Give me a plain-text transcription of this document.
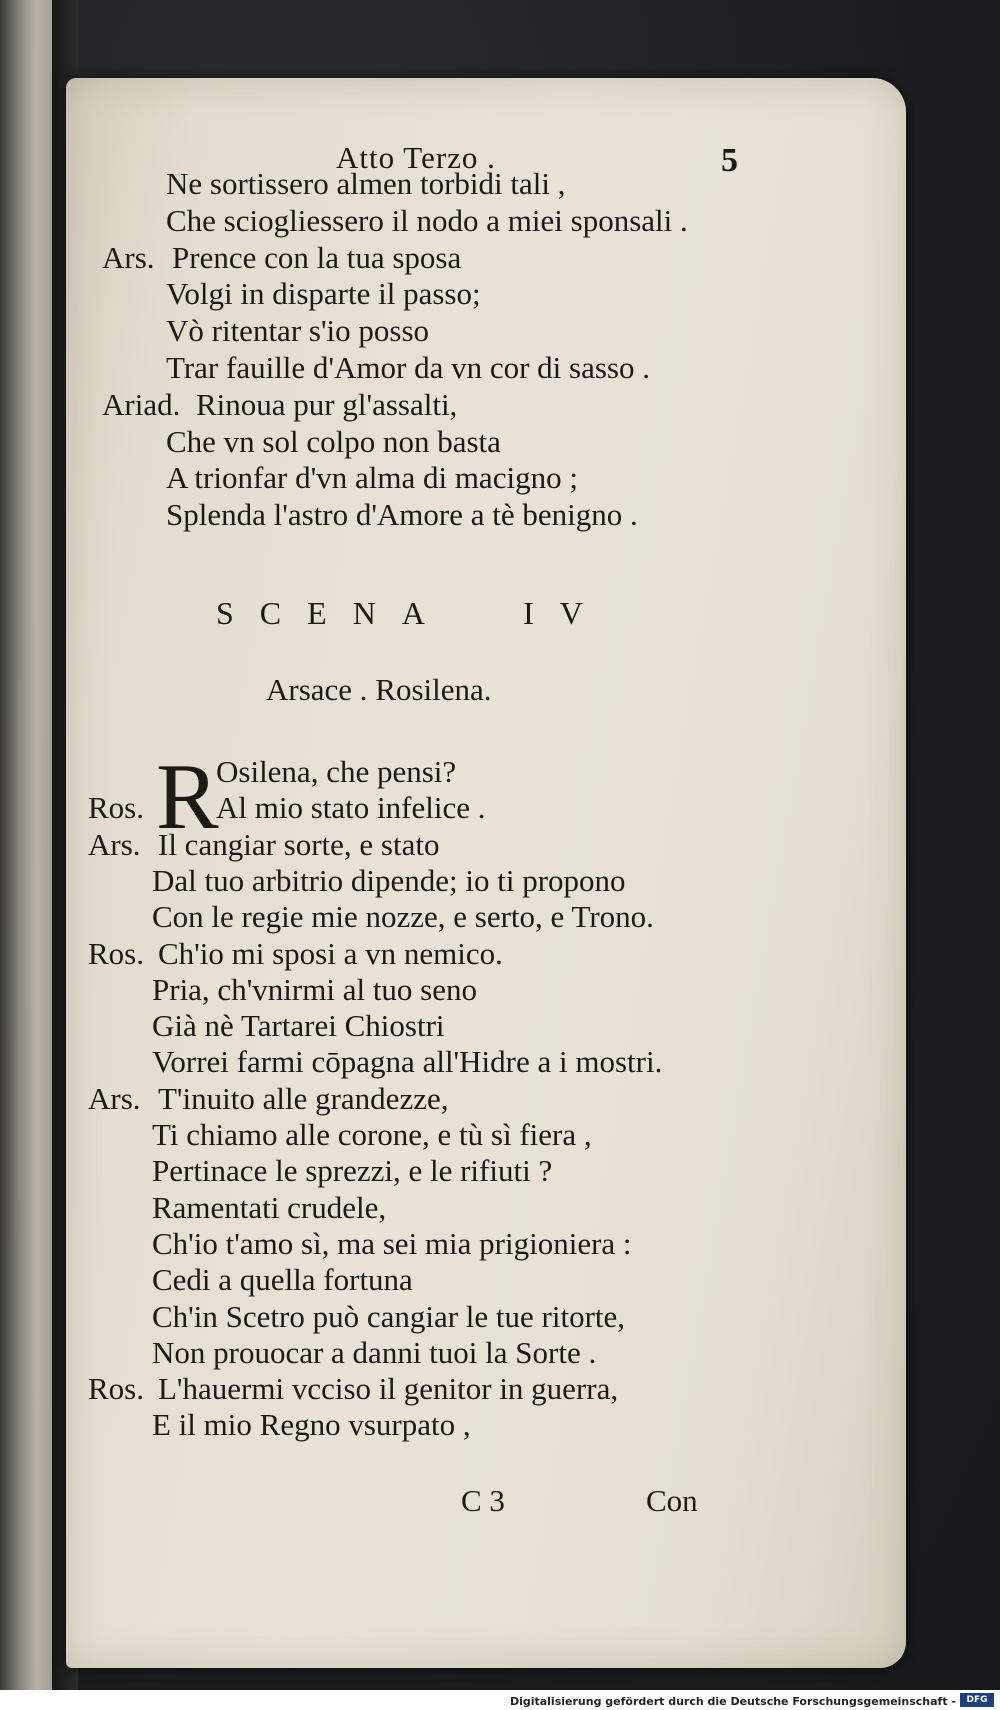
Atto Terzo .	5
Ne sortissero almen torbidi tali ,
Che sciogliessero il nodo a miei sponsali .
Ars. Prence con la tua sposa
Volgi in disparte il passo;
Vò ritentar s'io posso
Trar fauille d'Amor da vn cor di sasso .
Ariad. Rinoua pur gl'assalti,
Che vn sol colpo non basta
A trionfar d'vn alma di macigno ;
Splenda l'astro d'Amore a tè benigno .
SCENA IV
Arsace . Rosilena.
R
Osilena, che pensi?
Ros. Al mio stato infelice .
Ars. Il cangiar sorte, e stato
Dal tuo arbitrio dipende; io ti propono
Con le regie mie nozze, e serto, e Trono.
Ros. Ch'io mi sposi a vn nemico.
Pria, ch'vnirmi al tuo seno
Già nè Tartarei Chiostri
Vorrei farmi cōpagna all'Hidre a i mostri.
Ars. T'inuito alle grandezze,
Ti chiamo alle corone, e tù sì fiera ,
Pertinace le sprezzi, e le rifiuti ?
Ramentati crudele,
Ch'io t'amo sì, ma sei mia prigioniera :
Cedi a quella fortuna
Ch'in Scetro può cangiar le tue ritorte,
Non prouocar a danni tuoi la Sorte .
Ros. L'hauermi vcciso il genitor in guerra,
E il mio Regno vsurpato ,
C 3	Con
Digitalisierung gefördert durch die Deutsche Forschungsgemeinschaft -	DFG
